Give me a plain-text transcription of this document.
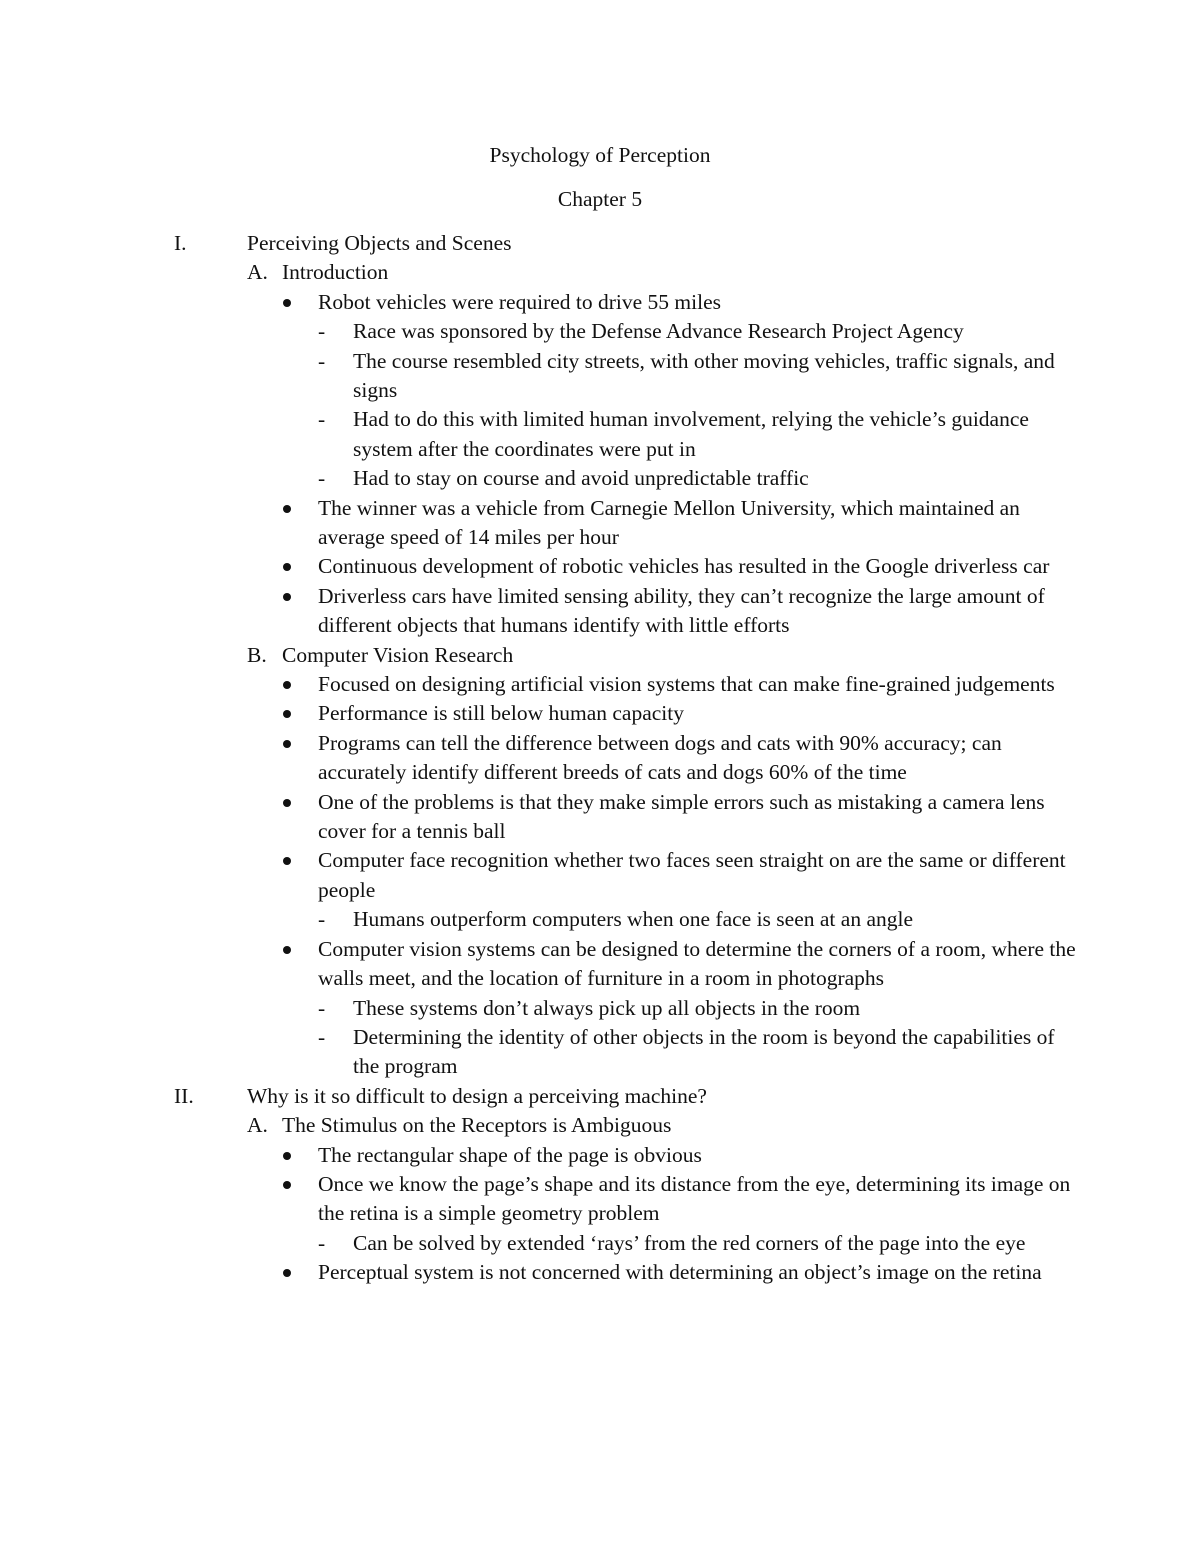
Psychology of Perception
Chapter 5
I.	Perceiving Objects and Scenes
A. Introduction
Robot vehicles were required to drive 55 miles
- Race was sponsored by the Defense Advance Research Project Agency
- The course resembled city streets, with other moving vehicles, traffic signals, and signs
- Had to do this with limited human involvement, relying the vehicle’s guidance system after the coordinates were put in
- Had to stay on course and avoid unpredictable traffic
The winner was a vehicle from Carnegie Mellon University, which maintained an average speed of 14 miles per hour
Continuous development of robotic vehicles has resulted in the Google driverless car
Driverless cars have limited sensing ability, they can’t recognize the large amount of different objects that humans identify with little efforts
B. Computer Vision Research
Focused on designing artificial vision systems that can make fine-grained judgements
Performance is still below human capacity
Programs can tell the difference between dogs and cats with 90% accuracy; can accurately identify different breeds of cats and dogs 60% of the time
One of the problems is that they make simple errors such as mistaking a camera lens cover for a tennis ball
Computer face recognition whether two faces seen straight on are the same or different people
- Humans outperform computers when one face is seen at an angle
Computer vision systems can be designed to determine the corners of a room, where the walls meet, and the location of furniture in a room in photographs
- These systems don’t always pick up all objects in the room
- Determining the identity of other objects in the room is beyond the capabilities of the program
II. Why is it so difficult to design a perceiving machine?
A. The Stimulus on the Receptors is Ambiguous
The rectangular shape of the page is obvious
Once we know the page’s shape and its distance from the eye, determining its image on the retina is a simple geometry problem
- Can be solved by extended ‘rays’ from the red corners of the page into the eye
Perceptual system is not concerned with determining an object’s image on the retina
